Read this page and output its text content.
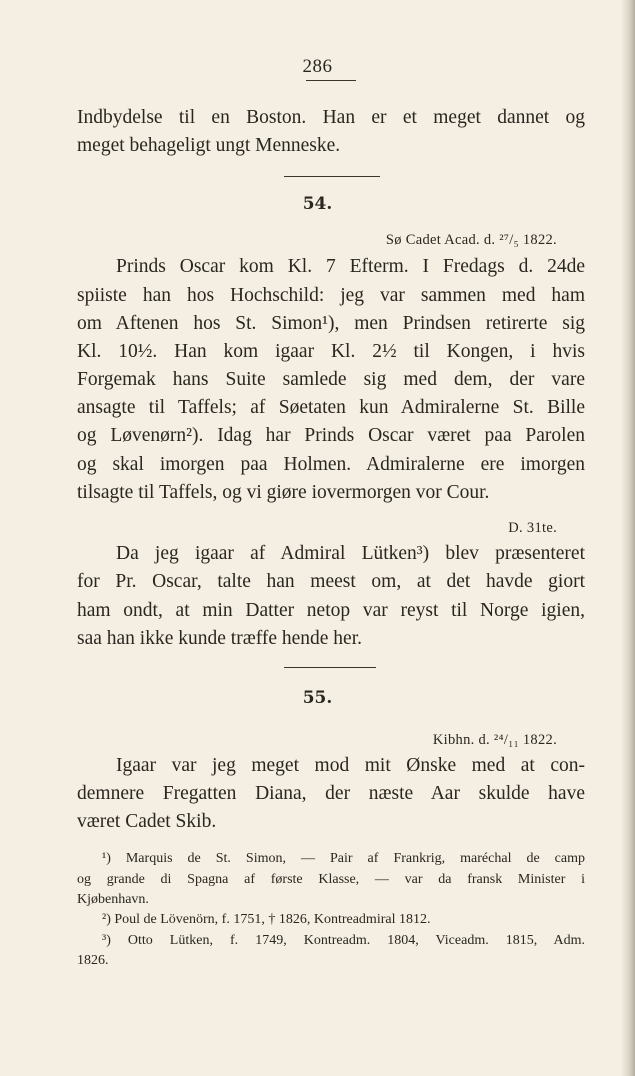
286
Indbydelse til en Boston. Han er et meget dannet og
meget behageligt ungt Menneske.
54.
Sø Cadet Acad. d. ²⁷/₅ 1822.
Prinds Oscar kom Kl. 7 Efterm. I Fredags d. 24de
spiiste han hos Hochschild: jeg var sammen med ham
om Aftenen hos St. Simon¹), men Prindsen retirerte sig
Kl. 10½. Han kom igaar Kl. 2½ til Kongen, i hvis
Forgemak hans Suite samlede sig med dem, der vare
ansagte til Taffels; af Søetaten kun Admiralerne St. Bille
og Løvenørn²). Idag har Prinds Oscar været paa Parolen
og skal imorgen paa Holmen. Admiralerne ere imorgen
tilsagte til Taffels, og vi giøre iovermorgen vor Cour.
D. 31te.
Da jeg igaar af Admiral Lütken³) blev præsenteret
for Pr. Oscar, talte han meest om, at det havde giort
ham ondt, at min Datter netop var reyst til Norge igien,
saa han ikke kunde træffe hende her.
55.
Kibhn. d. ²⁴/₁₁ 1822.
Igaar var jeg meget mod mit Ønske med at con-
demnere Fregatten Diana, der næste Aar skulde have
været Cadet Skib.
¹) Marquis de St. Simon, — Pair af Frankrig, maréchal de camp
og grande di Spagna af første Klasse, — var da fransk Minister i
Kjøbenhavn.
²) Poul de Lövenörn, f. 1751, † 1826, Kontreadmiral 1812.
³) Otto Lütken, f. 1749, Kontreadm. 1804, Viceadm. 1815, Adm.
1826.
